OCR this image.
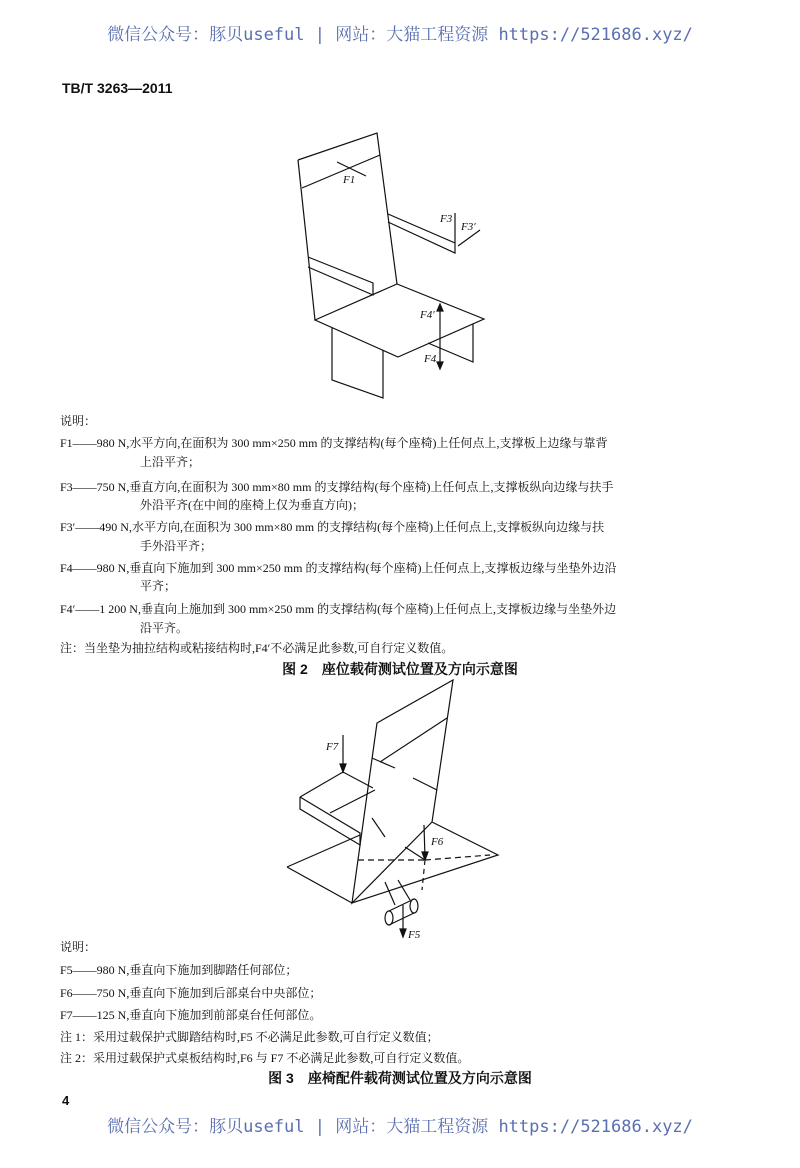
微信公众号：豚贝useful | 网站：大猫工程资源 https://521686.xyz/
TB/T 3263—2011
F1
F3
F3′
F4′
F4
F7
F6
F5
说明：
F1——980 N,水平方向,在面积为 300 mm×250 mm 的支撑结构(每个座椅)上任何点上,支撑板上边缘与靠背
上沿平齐；
F3——750 N,垂直方向,在面积为 300 mm×80 mm 的支撑结构(每个座椅)上任何点上,支撑板纵向边缘与扶手
外沿平齐(在中间的座椅上仅为垂直方向)；
F3′——490 N,水平方向,在面积为 300 mm×80 mm 的支撑结构(每个座椅)上任何点上,支撑板纵向边缘与扶
手外沿平齐；
F4——980 N,垂直向下施加到 300 mm×250 mm 的支撑结构(每个座椅)上任何点上,支撑板边缘与坐垫外边沿
平齐；
F4′——1 200 N,垂直向上施加到 300 mm×250 mm 的支撑结构(每个座椅)上任何点上,支撑板边缘与坐垫外边
沿平齐。
注：当坐垫为抽拉结构或粘接结构时,F4′不必满足此参数,可自行定义数值。
图 2　座位载荷测试位置及方向示意图
说明：
F5——980 N,垂直向下施加到脚踏任何部位；
F6——750 N,垂直向下施加到后部桌台中央部位；
F7——125 N,垂直向下施加到前部桌台任何部位。
注 1：采用过载保护式脚踏结构时,F5 不必满足此参数,可自行定义数值；
注 2：采用过载保护式桌板结构时,F6 与 F7 不必满足此参数,可自行定义数值。
图 3　座椅配件载荷测试位置及方向示意图
4
微信公众号：豚贝useful | 网站：大猫工程资源 https://521686.xyz/
